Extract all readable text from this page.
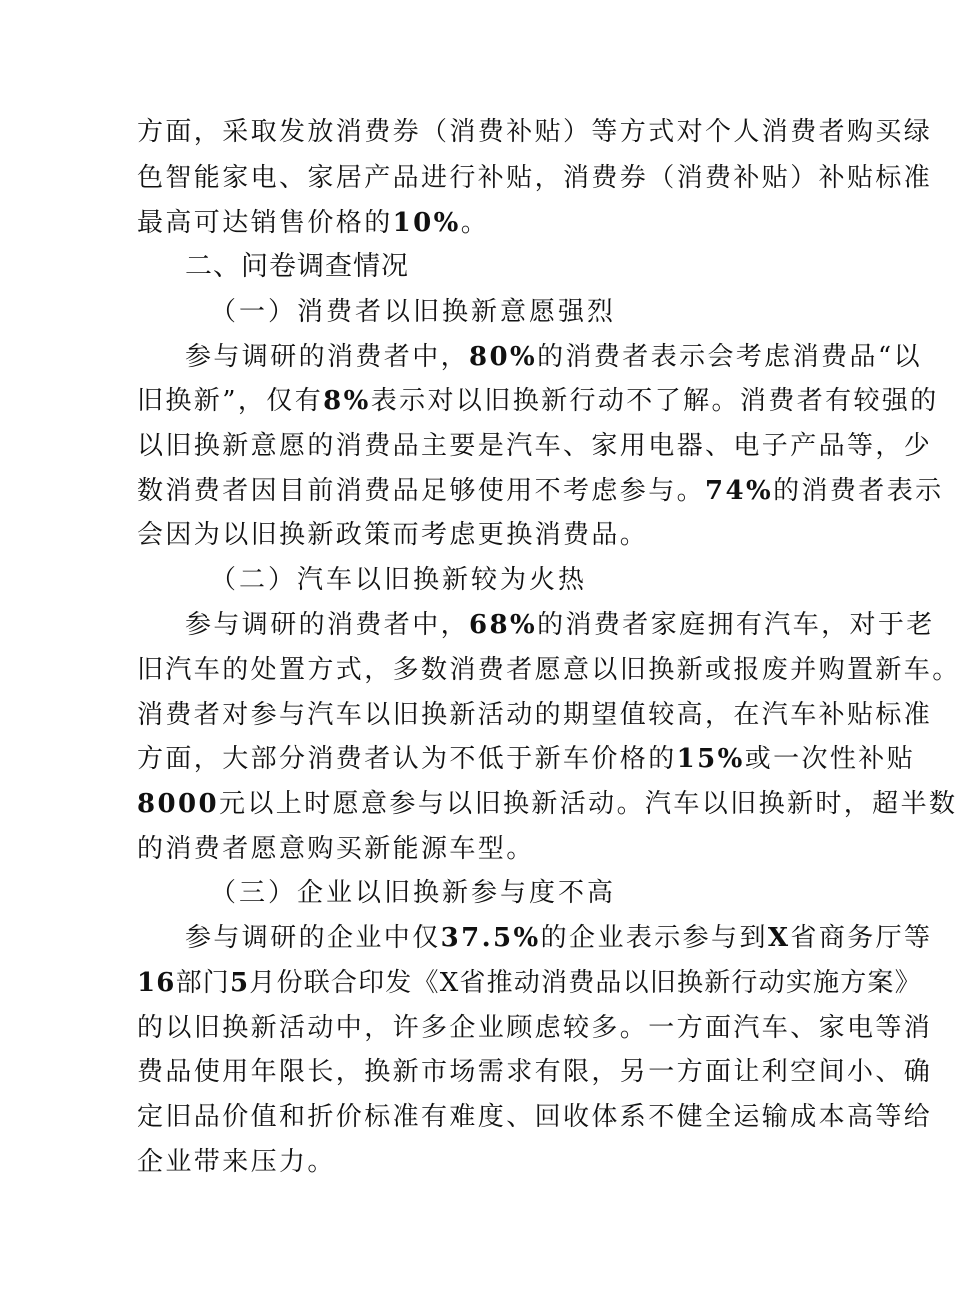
方面，采取发放消费券（消费补贴）等方式对个人消费者购买绿
色智能家电、家居产品进行补贴，消费券（消费补贴）补贴标准
最高可达销售价格的10%。
二、问卷调查情况
（一）消费者以旧换新意愿强烈
参与调研的消费者中，80%的消费者表示会考虑消费品“以
旧换新”，仅有8%表示对以旧换新行动不了解。消费者有较强的
以旧换新意愿的消费品主要是汽车、家用电器、电子产品等，少
数消费者因目前消费品足够使用不考虑参与。74%的消费者表示
会因为以旧换新政策而考虑更换消费品。
（二）汽车以旧换新较为火热
参与调研的消费者中，68%的消费者家庭拥有汽车，对于老
旧汽车的处置方式，多数消费者愿意以旧换新或报废并购置新车。
消费者对参与汽车以旧换新活动的期望值较高，在汽车补贴标准
方面，大部分消费者认为不低于新车价格的15%或一次性补贴
8000元以上时愿意参与以旧换新活动。汽车以旧换新时，超半数
的消费者愿意购买新能源车型。
（三）企业以旧换新参与度不高
参与调研的企业中仅37.5%的企业表示参与到X省商务厅等
16部门5月份联合印发《X省推动消费品以旧换新行动实施方案》
的以旧换新活动中，许多企业顾虑较多。一方面汽车、家电等消
费品使用年限长，换新市场需求有限，另一方面让利空间小、确
定旧品价值和折价标准有难度、回收体系不健全运输成本高等给
企业带来压力。
